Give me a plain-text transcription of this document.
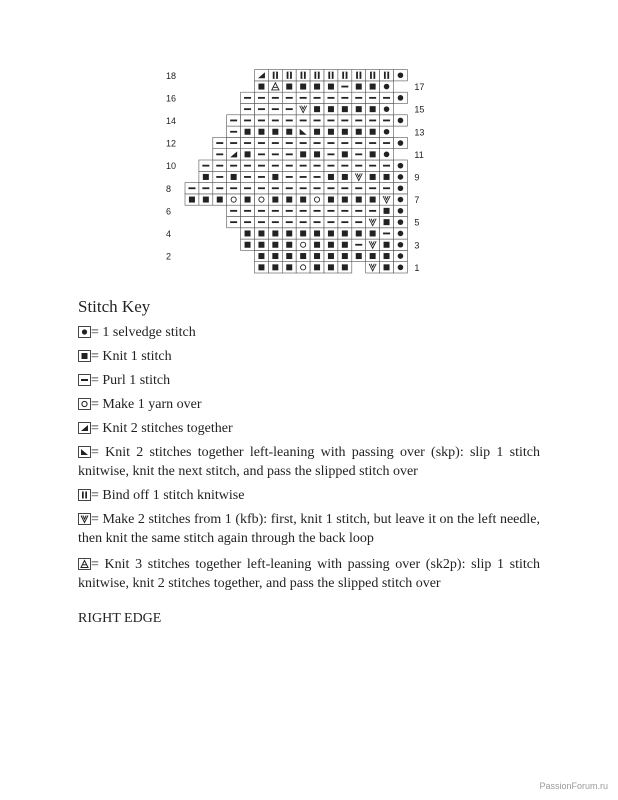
1
3
5
7
9
11
13
15
17
2
4
6
8
10
12
14
16
18
Stitch Key
= 1 selvedge stitch
= Knit 1 stitch
= Purl 1 stitch
= Make 1 yarn over
= Knit 2 stitches together
= Knit 2 stitches together left-leaning with passing over (skp): slip 1 stitch knitwise, knit the next stitch, and pass the slipped stitch over
= Bind off 1 stitch knitwise
= Make 2 stitches from 1 (kfb): first, knit 1 stitch, but leave it on the left needle, then knit the same stitch again through the back loop
= Knit 3 stitches together left-leaning with passing over (sk2p): slip 1 stitch knitwise, knit 2 stitches together, and pass the slipped stitch over
RIGHT EDGE
PassionForum.ru
